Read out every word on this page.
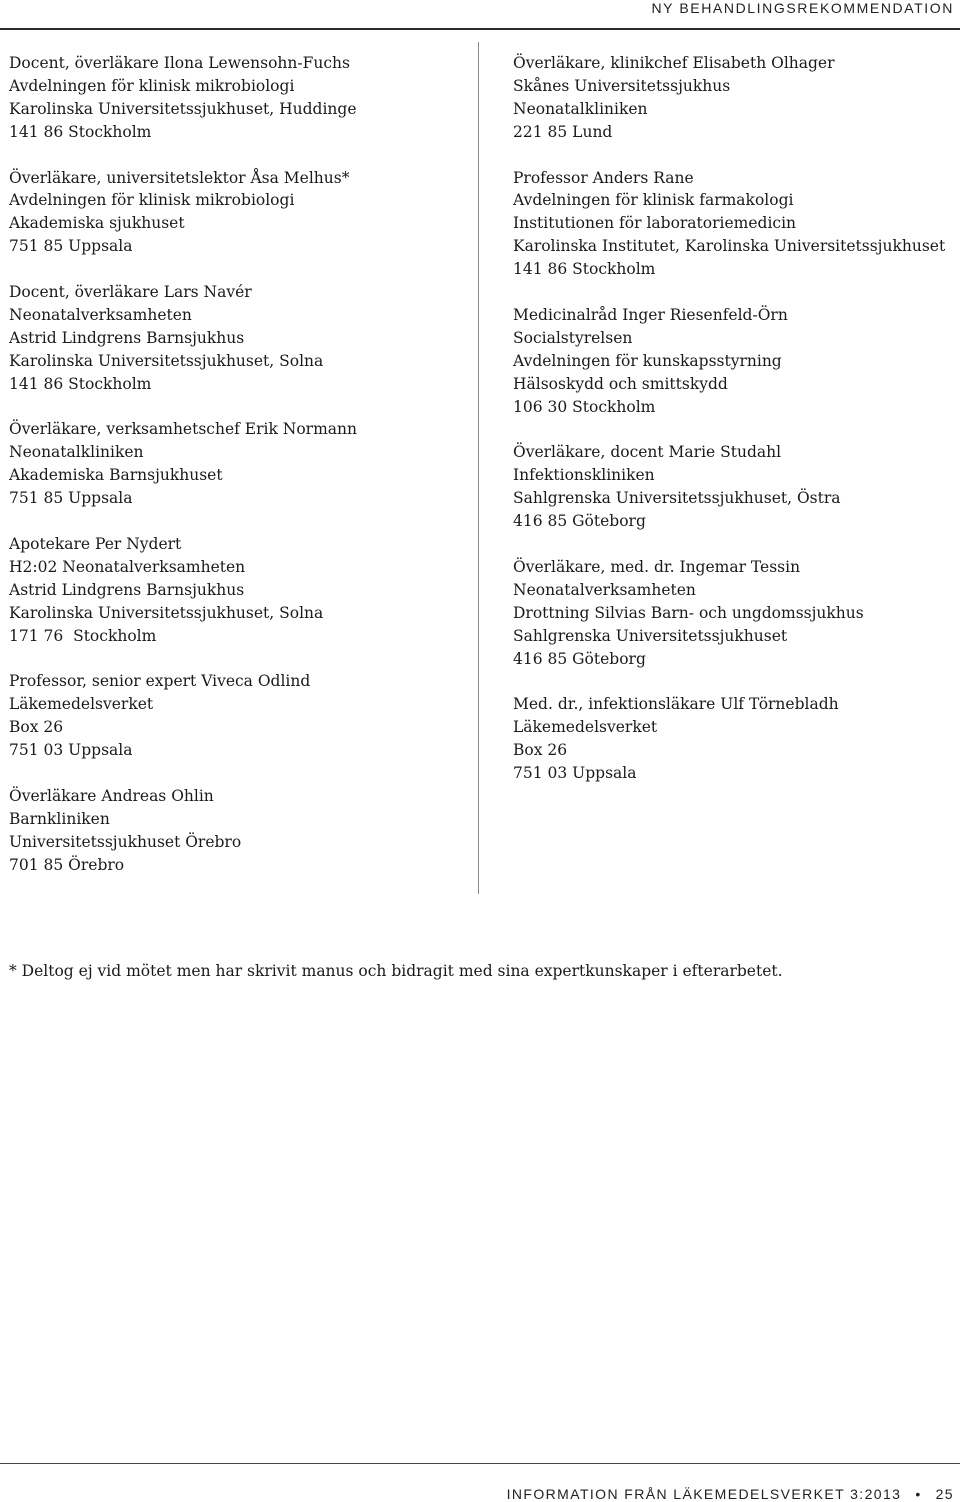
NY BEHANDLINGSREKOMMENDATION
Docent, överläkare Ilona Lewensohn-Fuchs
Avdelningen för klinisk mikrobiologi
Karolinska Universitetssjukhuset, Huddinge
141 86 Stockholm
Överläkare, universitetslektor Åsa Melhus*
Avdelningen för klinisk mikrobiologi
Akademiska sjukhuset
751 85 Uppsala
Docent, överläkare Lars Navér
Neonatalverksamheten
Astrid Lindgrens Barnsjukhus
Karolinska Universitetssjukhuset, Solna
141 86 Stockholm
Överläkare, verksamhetschef Erik Normann
Neonatalkliniken
Akademiska Barnsjukhuset
751 85 Uppsala
Apotekare Per Nydert
H2:02 Neonatalverksamheten
Astrid Lindgrens Barnsjukhus
Karolinska Universitetssjukhuset, Solna
171 76  Stockholm
Professor, senior expert Viveca Odlind
Läkemedelsverket
Box 26
751 03 Uppsala
Överläkare Andreas Ohlin
Barnkliniken
Universitetssjukhuset Örebro
701 85 Örebro
Överläkare, klinikchef Elisabeth Olhager
Skånes Universitetssjukhus
Neonatalkliniken
221 85 Lund
Professor Anders Rane
Avdelningen för klinisk farmakologi
Institutionen för laboratoriemedicin
Karolinska Institutet, Karolinska Universitetssjukhuset
141 86 Stockholm
Medicinalråd Inger Riesenfeld-Örn
Socialstyrelsen
Avdelningen för kunskapsstyrning
Hälsoskydd och smittskydd
106 30 Stockholm
Överläkare, docent Marie Studahl
Infektionskliniken
Sahlgrenska Universitetssjukhuset, Östra
416 85 Göteborg
Överläkare, med. dr. Ingemar Tessin
Neonatalverksamheten
Drottning Silvias Barn- och ungdomssjukhus
Sahlgrenska Universitetssjukhuset
416 85 Göteborg
Med. dr., infektionsläkare Ulf Törnebladh
Läkemedelsverket
Box 26
751 03 Uppsala
* Deltog ej vid mötet men har skrivit manus och bidragit med sina expertkunskaper i efterarbetet.
INFORMATION FRÅN LÄKEMEDELSVERKET 3:2013 • 25
